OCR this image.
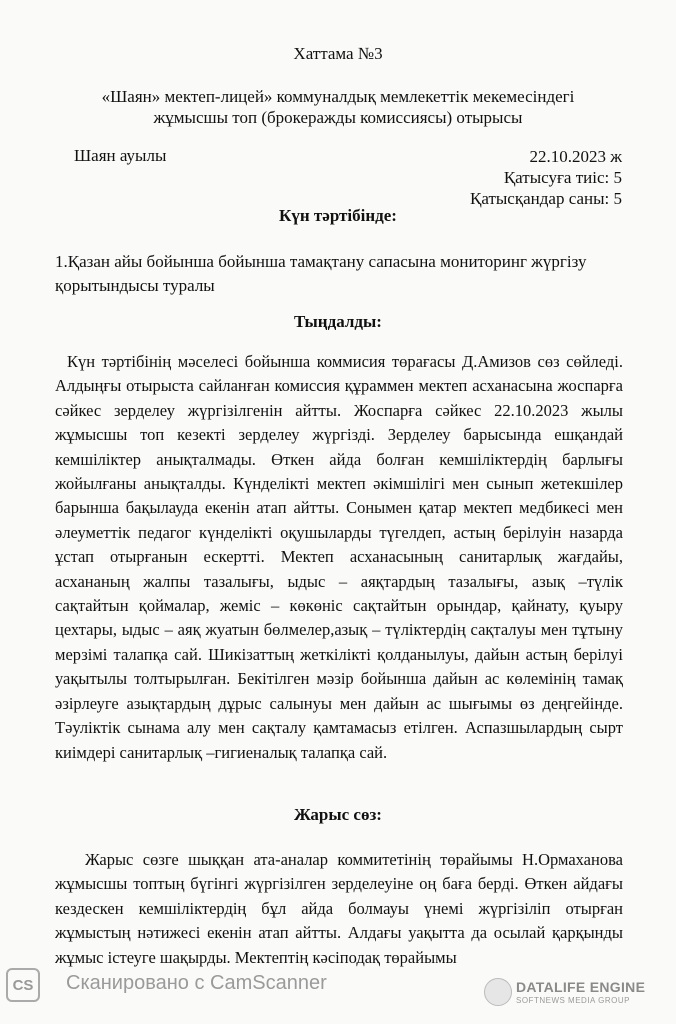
Хаттама №3
«Шаян» мектеп-лицей» коммуналдық мемлекеттік мекемесіндегі
жұмысшы топ (брокеражды комиссиясы) отырысы
Шаян ауылы	22.10.2023 ж
Қатысуға тиіс: 5
Қатысқандар саны: 5
Күн тәртібінде:
1.Қазан айы бойынша бойынша тамақтану сапасына мониторинг жүргізу қорытындысы туралы
Тыңдалды:
Күн тәртібінің мәселесі бойынша коммисия төрағасы Д.Амизов сөз сөйледі. Алдыңғы отырыста сайланған комиссия құраммен мектеп асханасына жоспарға сәйкес зерделеу жүргізілгенін айтты. Жоспарға сәйкес 22.10.2023 жылы жұмысшы топ кезекті зерделеу жүргізді. Зерделеу барысында ешқандай кемшіліктер анықталмады. Өткен айда болған кемшіліктердің барлығы жойылғаны анықталды. Күнделікті мектеп әкімшілігі мен сынып жетекшілер барынша бақылауда екенін атап айтты. Сонымен қатар мектеп медбикесі мен әлеуметтік педагог күнделікті оқушыларды түгелдеп, астың берілуін назарда ұстап отырғанын ескертті. Мектеп асханасының санитарлық жағдайы, асхананың жалпы тазалығы, ыдыс – аяқтардың тазалығы, азық –түлік сақтайтын қоймалар, жеміс – көкөніс сақтайтын орындар, қайнату, қуыру цехтары, ыдыс – аяқ жуатын бөлмелер,азық – түліктердің сақталуы мен тұтыну мерзімі талапқа сай. Шикізаттың жеткілікті қолданылуы, дайын астың берілуі уақытылы толтырылған. Бекітілген мәзір бойынша дайын ас көлемінің тамақ әзірлеуге азықтардың дұрыс салынуы мен дайын ас шығымы өз деңгейінде. Тәуліктік сынама алу мен сақталу қамтамасыз етілген. Аспазшылардың сырт киімдері санитарлық –гигиеналық талапқа сай.
Жарыс сөз:
Жарыс сөзге шыққан ата-аналар коммитетінің төрайымы Н.Ормаханова жұмысшы топтың бүгінгі жүргізілген зерделеуіне оң баға берді. Өткен айдағы кездескен кемшіліктердің бұл айда болмауы үнемі жүргізіліп отырған жұмыстың нәтижесі екенін атап айтты. Алдағы уақытта да осылай қарқынды жұмыс істеуге шақырды. Мектептің кәсіподақ төрайымы
CS	Сканировано с CamScanner	DATALIFE ENGINE
SOFTNEWS MEDIA GROUP
